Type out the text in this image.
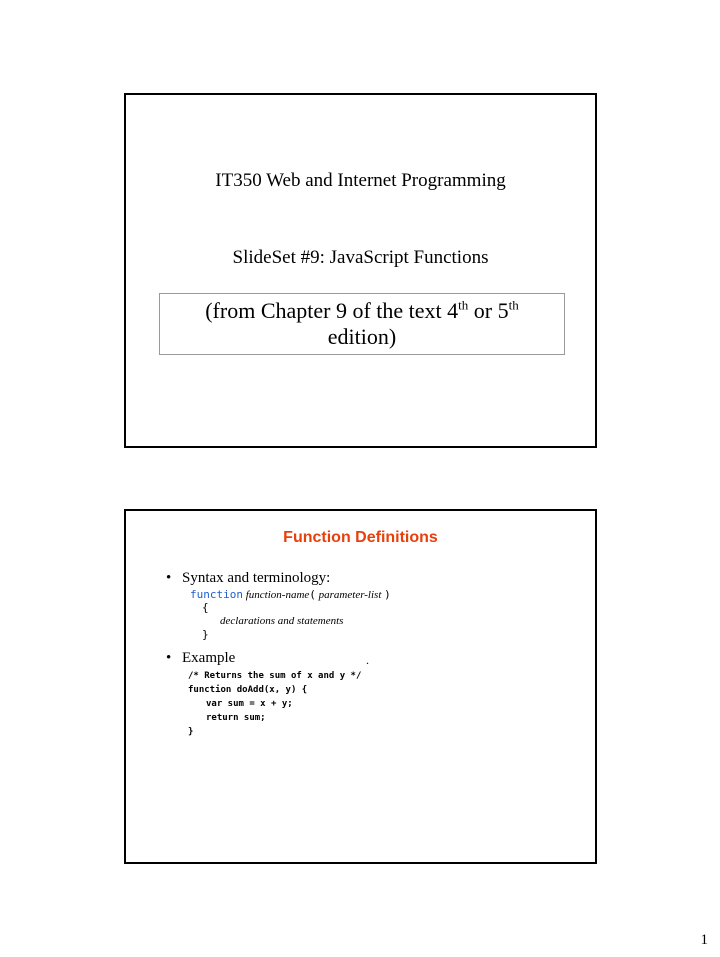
IT350 Web and Internet Programming
SlideSet #9: JavaScript Functions
(from Chapter 9 of the text 4th or 5th
edition)
Function Definitions
• Syntax and terminology:
function function-name( parameter-list )
{
declarations and statements
}
• Example	.
/* Returns the sum of x and y */
function doAdd(x, y) {
var sum = x + y;
return sum;
}
1
